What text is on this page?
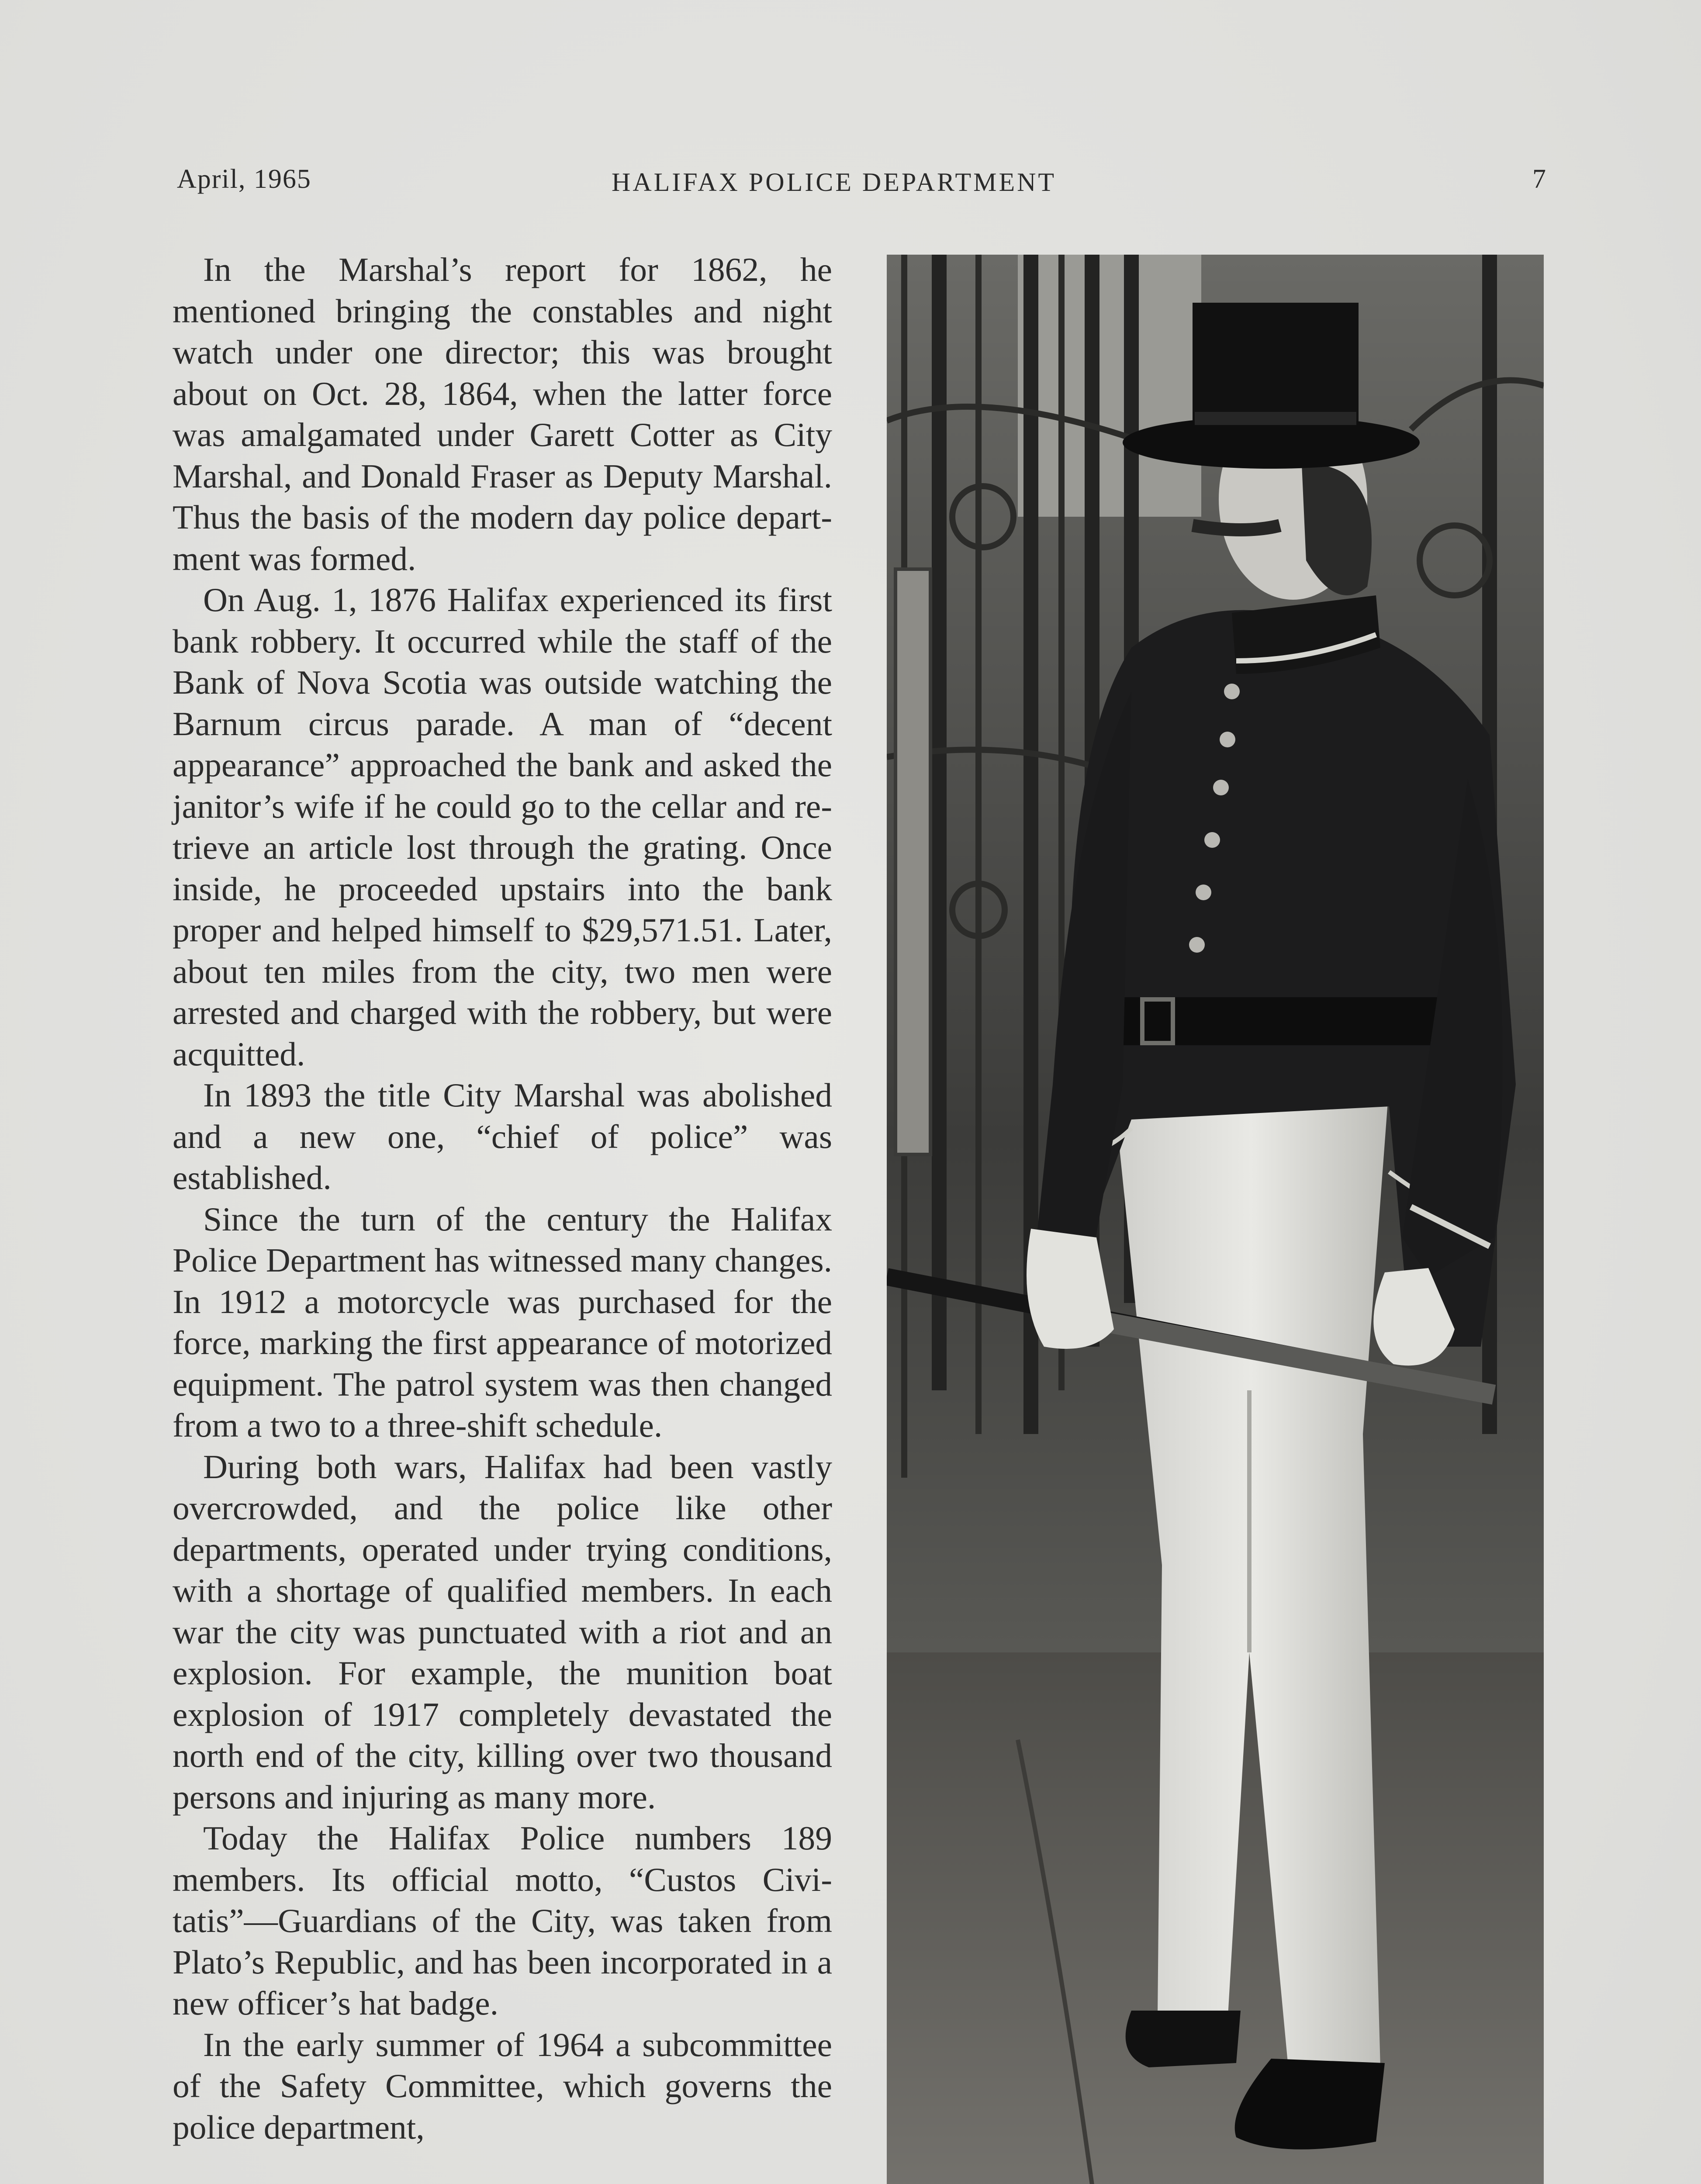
April, 1965	HALIFAX POLICE DEPARTMENT	7

In the Marshal’s report for 1862, he mentioned bringing the constables and night watch under one director; this was brought about on Oct. 28, 1864, when the latter force was amalgamated under Garett Cotter as City Marshal, and Donald Fraser as Deputy Marshal. Thus the basis of the modern day police department was formed.

On Aug. 1, 1876 Halifax experienced its first bank robbery. It occurred while the staff of the Bank of Nova Scotia was outside watching the Barnum circus parade. A man of “decent appearance” approached the bank and asked the janitor’s wife if he could go to the cellar and retrieve an article lost through the grating. Once inside, he proceeded upstairs into the bank proper and helped himself to $29,571.51. Later, about ten miles from the city, two men were arrested and charged with the robbery, but were acquitted.

In 1893 the title City Marshal was abolished and a new one, “chief of police” was established.

Since the turn of the century the Halifax Police Department has witnessed many changes. In 1912 a motorcycle was purchased for the force, marking the first appearance of motorized equipment. The patrol system was then changed from a two to a three-shift schedule.

During both wars, Halifax had been vastly overcrowded, and the police like other departments, operated under trying conditions, with a shortage of qualified members. In each war the city was punctuated with a riot and an explosion. For example, the munition boat explosion of 1917 completely devastated the north end of the city, killing over two thousand persons and injuring as many more.

Today the Halifax Police numbers 189 members. Its official motto, “Custos Civitatis”—Guardians of the City, was taken from Plato’s Republic, and has been incorporated in a new officer’s hat badge.

In the early summer of 1964 a subcommittee of the Safety Committee, which governs the police department,
